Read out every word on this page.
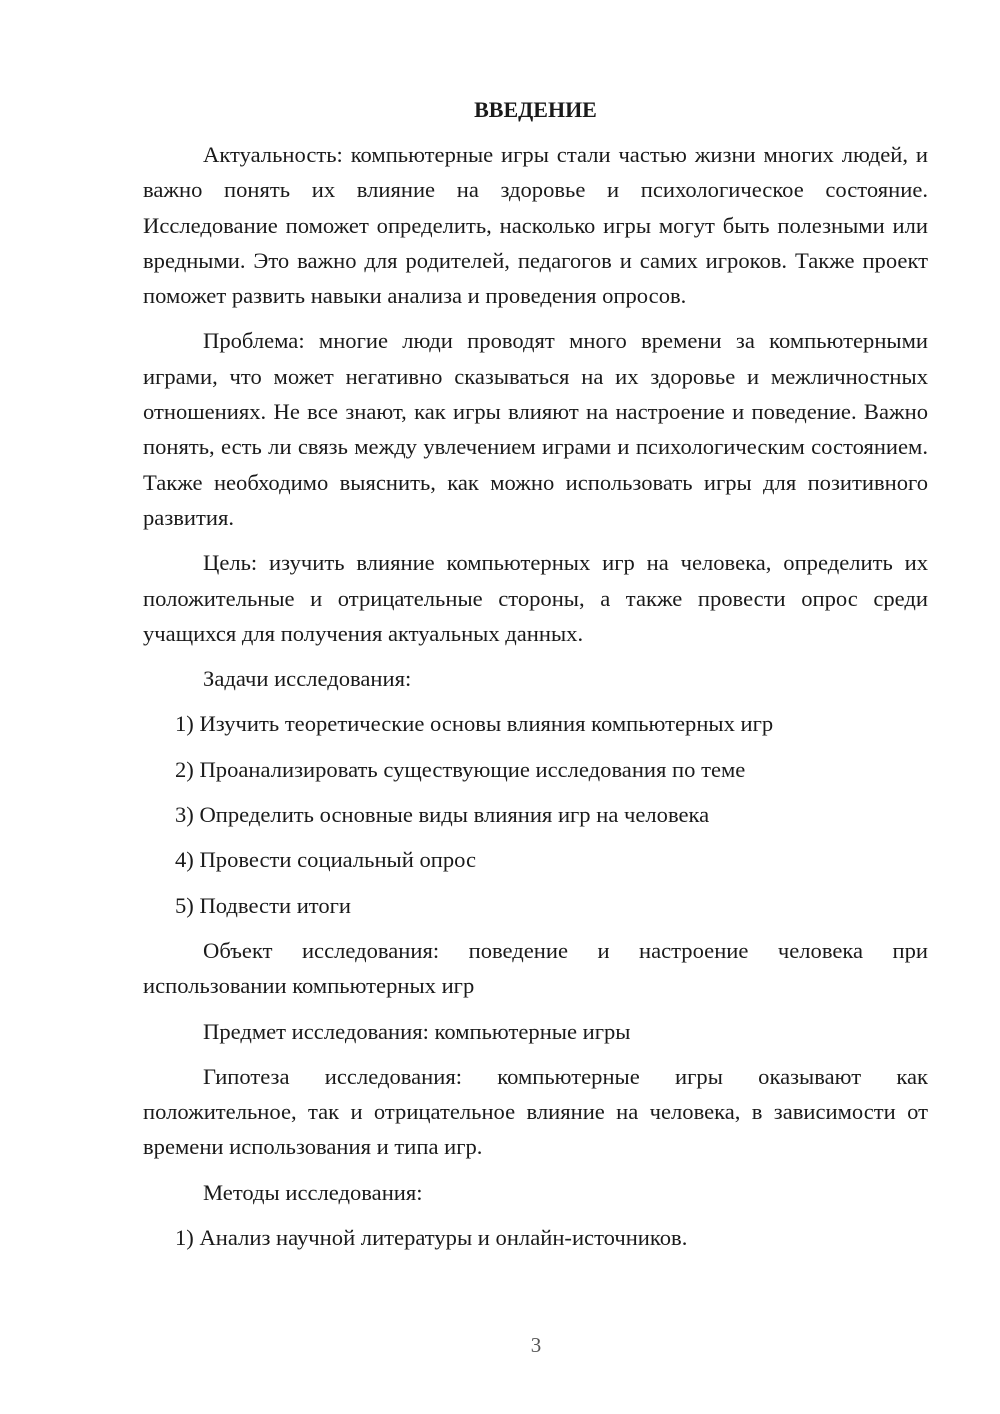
ВВЕДЕНИЕ

Актуальность: компьютерные игры стали частью жизни многих людей, и важно понять их влияние на здоровье и психологическое состояние. Исследование поможет определить, насколько игры могут быть полезными или вредными. Это важно для родителей, педагогов и самих игроков. Также проект поможет развить навыки анализа и проведения опросов.

Проблема: многие люди проводят много времени за компьютерными играми, что может негативно сказываться на их здоровье и межличностных отношениях. Не все знают, как игры влияют на настроение и поведение. Важно понять, есть ли связь между увлечением играми и психологическим состоянием. Также необходимо выяснить, как можно использовать игры для позитивного развития.

Цель: изучить влияние компьютерных игр на человека, определить их положительные и отрицательные стороны, а также провести опрос среди учащихся для получения актуальных данных.

Задачи исследования:

1) Изучить теоретические основы влияния компьютерных игр
2) Проанализировать существующие исследования по теме
3) Определить основные виды влияния игр на человека
4) Провести социальный опрос
5) Подвести итоги

Объект исследования: поведение и настроение человека при использовании компьютерных игр

Предмет исследования: компьютерные игры

Гипотеза исследования: компьютерные игры оказывают как положительное, так и отрицательное влияние на человека, в зависимости от времени использования и типа игр.

Методы исследования:

1) Анализ научной литературы и онлайн-источников.
3
